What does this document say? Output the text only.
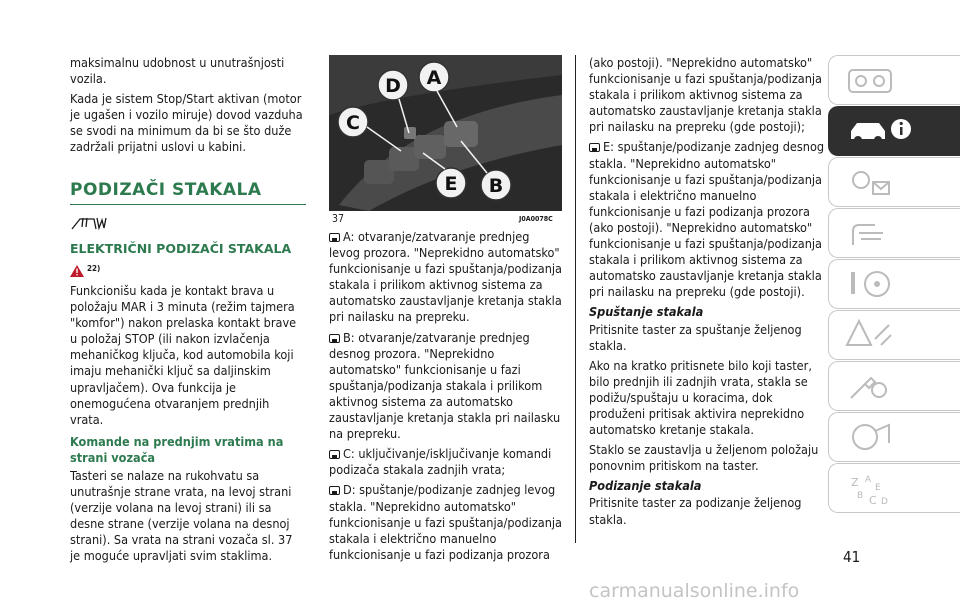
maksimalnu udobnost u unutrašnjosti vozila.

Kada je sistem Stop/Start aktivan (motor je ugašen i vozilo miruje) dovod vazduha se svodi na minimum da bi se što duže zadržali prijatni uslovi u kabini.

PODIZAČI STAKALA
ELEKTRIČNI PODIZAČI STAKALA
22)

Funkcionišu kada je kontakt brava u položaju MAR i 3 minuta (režim tajmera "komfor") nakon prelaska kontakt brave u položaj STOP (ili nakon izvlačenja mehaničkog ključa, kod automobila koji imaju mehanički ključ sa daljinskim upravljačem). Ova funkcija je onemogućena otvaranjem prednjih vrata.

Komande na prednjim vratima na strani vozača

Tasteri se nalaze na rukohvatu sa unutrašnje strane vrata, na levoj strani (verzije volana na levoj strani) ili sa desne strane (verzije volana na desnoj strani). Sa vrata na strani vozača sl. 37 je moguće upravljati svim staklima.

D A
C
E B
37	J0A0078C

A: otvaranje/zatvaranje prednjeg levog prozora. "Neprekidno automatsko" funkcionisanje u fazi spuštanja/podizanja stakala i prilikom aktivnog sistema za automatsko zaustavljanje kretanja stakla pri nailasku na prepreku.

B: otvaranje/zatvaranje prednjeg desnog prozora. "Neprekidno automatsko" funkcionisanje u fazi spuštanja/podizanja stakala i prilikom aktivnog sistema za automatsko zaustavljanje kretanja stakla pri nailasku na prepreku.

C: uključivanje/isključivanje komandi podizača stakala zadnjih vrata;

D: spuštanje/podizanje zadnjeg levog stakla. "Neprekidno automatsko" funkcionisanje u fazi spuštanja/podizanja stakala i električno manuelno funkcionisanje u fazi podizanja prozora

(ako postoji). "Neprekidno automatsko" funkcionisanje u fazi spuštanja/podizanja stakala i prilikom aktivnog sistema za automatsko zaustavljanje kretanja stakla pri nailasku na prepreku (gde postoji);

E: spuštanje/podizanje zadnjeg desnog stakla. "Neprekidno automatsko" funkcionisanje u fazi spuštanja/podizanja stakala i električno manuelno funkcionisanje u fazi podizanja prozora (ako postoji). "Neprekidno automatsko" funkcionisanje u fazi spuštanja/podizanja stakala i prilikom aktivnog sistema za automatsko zaustavljanje kretanja stakla pri nailasku na prepreku (gde postoji).

Spuštanje stakala

Pritisnite taster za spuštanje željenog stakla.

Ako na kratko pritisnete bilo koji taster, bilo prednjih ili zadnjih vrata, stakla se podižu/spuštaju u koracima, dok produženi pritisak aktivira neprekidno automatsko kretanje stakala.

Staklo se zaustavlja u željenom položaju ponovnim pritiskom na taster.

Podizanje stakala

Pritisnite taster za podizanje željenog stakla.

Z A
E
B C D
41
carmanualsonline.info
